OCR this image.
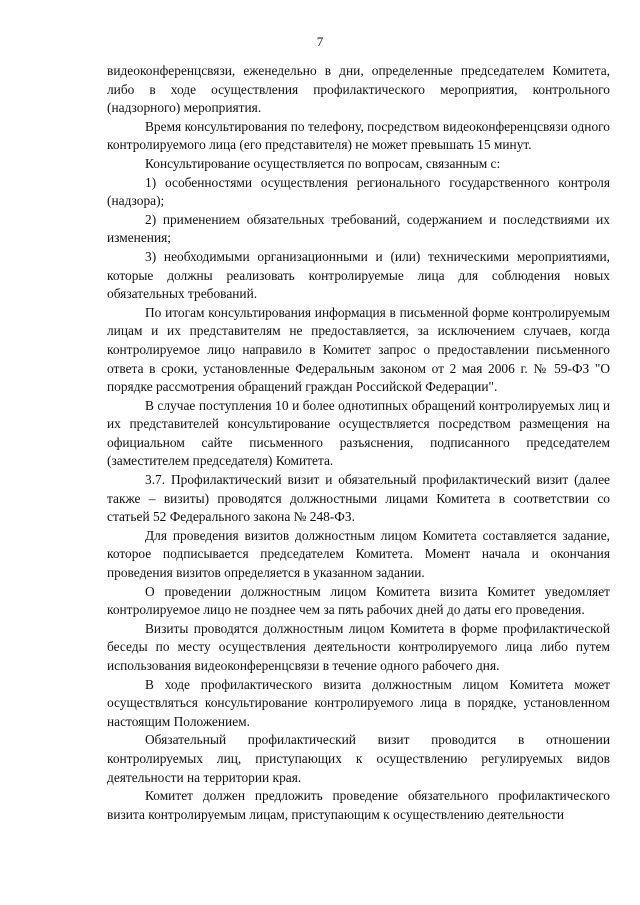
7

видеоконференцсвязи, еженедельно в дни, определенные председателем Комитета, либо в ходе осуществления профилактического мероприятия, контрольного (надзорного) мероприятия.

Время консультирования по телефону, посредством видеоконференцсвязи одного контролируемого лица (его представителя) не может превышать 15 минут.

Консультирование осуществляется по вопросам, связанным с:

1) особенностями осуществления регионального государственного контроля (надзора);

2) применением обязательных требований, содержанием и последствиями их изменения;

3) необходимыми организационными и (или) техническими мероприятиями, которые должны реализовать контролируемые лица для соблюдения новых обязательных требований.

По итогам консультирования информация в письменной форме контролируемым лицам и их представителям не предоставляется, за исключением случаев, когда контролируемое лицо направило в Комитет запрос о предоставлении письменного ответа в сроки, установленные Федеральным законом от 2 мая 2006 г. № 59-ФЗ "О порядке рассмотрения обращений граждан Российской Федерации".

В случае поступления 10 и более однотипных обращений контролируемых лиц и их представителей консультирование осуществляется посредством размещения на официальном сайте письменного разъяснения, подписанного председателем (заместителем председателя) Комитета.

3.7. Профилактический визит и обязательный профилактический визит (далее также – визиты) проводятся должностными лицами Комитета в соответствии со статьей 52 Федерального закона № 248-ФЗ.

Для проведения визитов должностным лицом Комитета составляется задание, которое подписывается председателем Комитета. Момент начала и окончания проведения визитов определяется в указанном задании.

О проведении должностным лицом Комитета визита Комитет уведомляет контролируемое лицо не позднее чем за пять рабочих дней до даты его проведения.

Визиты проводятся должностным лицом Комитета в форме профилактической беседы по месту осуществления деятельности контролируемого лица либо путем использования видеоконференцсвязи в течение одного рабочего дня.

В ходе профилактического визита должностным лицом Комитета может осуществляться консультирование контролируемого лица в порядке, установленном настоящим Положением.

Обязательный профилактический визит проводится в отношении контролируемых лиц, приступающих к осуществлению регулируемых видов деятельности на территории края.

Комитет должен предложить проведение обязательного профилактического визита контролируемым лицам, приступающим к осуществлению деятельности
